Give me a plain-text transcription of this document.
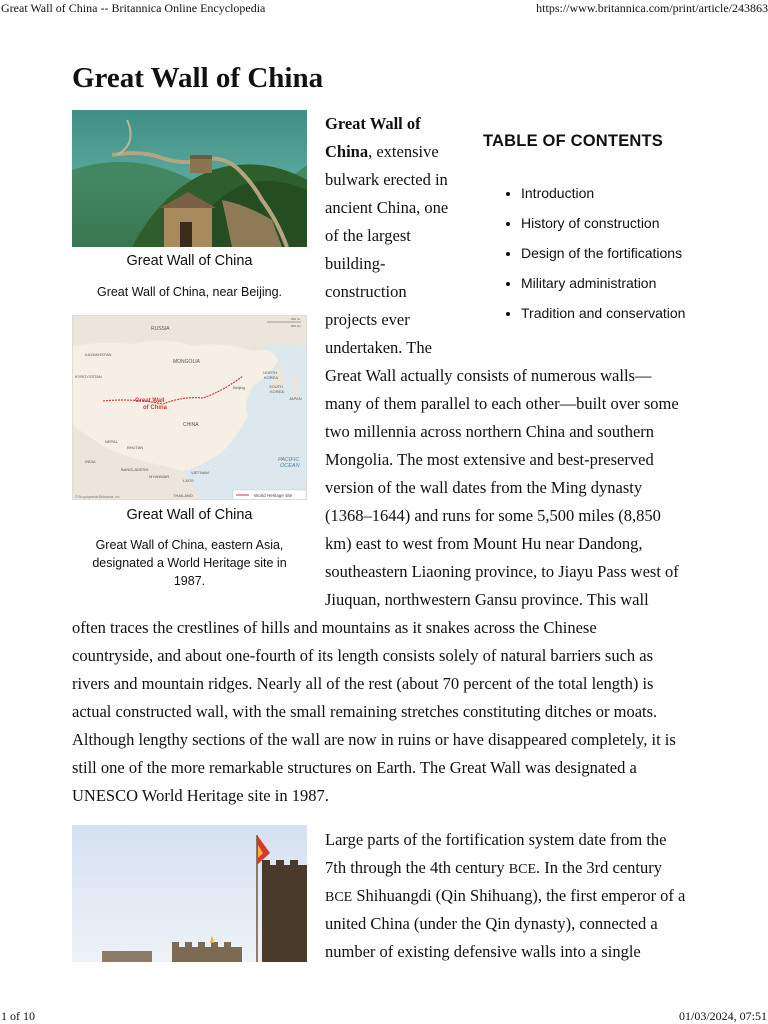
Great Wall of China -- Britannica Online Encyclopedia	https://www.britannica.com/print/article/243863
Great Wall of China
Great Wall of China
Great Wall of China, near Beijing.
RUSSIA
KAZAKHSTAN
MONGOLIA
KYRGYZSTAN
Great Wall
of China
Beijing
NORTH
KOREA
SOUTH
KOREA
JAPAN
CHINA
NEPAL
BHUTAN
INDIA
BANGLADESH
MYANMAR
VIETNAM
LAOS
THAILAND
PACIFIC
OCEAN
© Encyclopædia Britannica, Inc.	World Heritage site
500 mi
500 km
Great Wall of China
Great Wall of China, eastern Asia,
designated a World Heritage site in
1987.
TABLE OF CONTENTS
• Introduction
• History of construction
• Design of the fortifications
• Military administration
• Tradition and conservation
Great Wall of
China, extensive
bulwark erected in
ancient China, one
of the largest
building-
construction
projects ever
undertaken. The
Great Wall actually consists of numerous walls—
many of them parallel to each other—built over some
two millennia across northern China and southern
Mongolia. The most extensive and best-preserved
version of the wall dates from the Ming dynasty
(1368–1644) and runs for some 5,500 miles (8,850
km) east to west from Mount Hu near Dandong,
southeastern Liaoning province, to Jiayu Pass west of
Jiuquan, northwestern Gansu province. This wall
often traces the crestlines of hills and mountains as it snakes across the Chinese
countryside, and about one-fourth of its length consists solely of natural barriers such as
rivers and mountain ridges. Nearly all of the rest (about 70 percent of the total length) is
actual constructed wall, with the small remaining stretches constituting ditches or moats.
Although lengthy sections of the wall are now in ruins or have disappeared completely, it is
still one of the more remarkable structures on Earth. The Great Wall was designated a
UNESCO World Heritage site in 1987.
Large parts of the fortification system date from the
7th through the 4th century BCE. In the 3rd century
BCE Shihuangdi (Qin Shihuang), the first emperor of a
united China (under the Qin dynasty), connected a
number of existing defensive walls into a single
1 of 10	01/03/2024, 07:51
